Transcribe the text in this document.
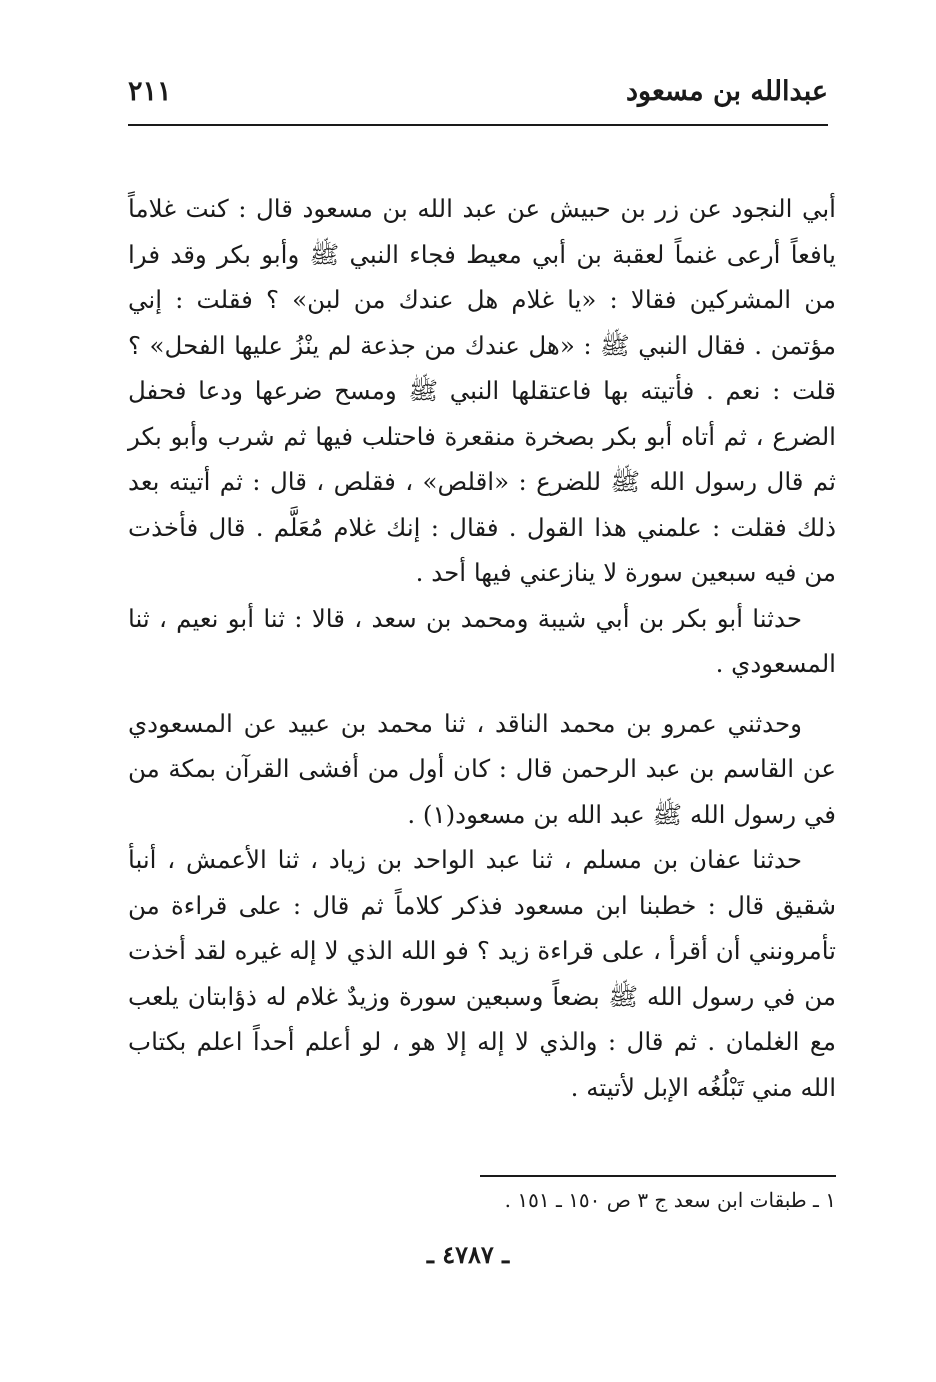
عبدالله بن مسعود
٢١١

أبي النجود عن زر بن حبيش عن عبد الله بن مسعود قال : كنت غلاماً يافعاً أرعى غنماً لعقبة بن أبي معيط فجاء النبي ﷺ وأبو بكر وقد فرا من المشركين فقالا : «يا غلام هل عندك من لبن» ؟ فقلت : إني مؤتمن . فقال النبي ﷺ : «هل عندك من جذعة لم ينْزُ عليها الفحل» ؟ قلت : نعم . فأتيته بها فاعتقلها النبي ﷺ ومسح ضرعها ودعا فحفل الضرع ، ثم أتاه أبو بكر بصخرة منقعرة فاحتلب فيها ثم شرب وأبو بكر ثم قال رسول الله ﷺ للضرع : «اقلص» ، فقلص ، قال : ثم أتيته بعد ذلك فقلت : علمني هذا القول . فقال : إنك غلام مُعَلَّم . قال فأخذت من فيه سبعين سورة لا ينازعني فيها أحد .

حدثنا أبو بكر بن أبي شيبة ومحمد بن سعد ، قالا : ثنا أبو نعيم ، ثنا المسعودي .

وحدثني عمرو بن محمد الناقد ، ثنا محمد بن عبيد عن المسعودي عن القاسم بن عبد الرحمن قال : كان أول من أفشى القرآن بمكة من في رسول الله ﷺ عبد الله بن مسعود(١) .

حدثنا عفان بن مسلم ، ثنا عبد الواحد بن زياد ، ثنا الأعمش ، أنبأ شقيق قال : خطبنا ابن مسعود فذكر كلاماً ثم قال : على قراءة من تأمرونني أن أقرأ ، على قراءة زيد ؟ فو الله الذي لا إله غيره لقد أخذت من في رسول الله ﷺ بضعاً وسبعين سورة وزيدٌ غلام له ذؤابتان يلعب مع الغلمان . ثم قال : والذي لا إله إلا هو ، لو أعلم أحداً اعلم بكتاب الله مني تَبْلُغُه الإبل لأتيته .

١ ـ طبقات ابن سعد ج ٣ ص ١٥٠ ـ ١٥١ .
ـ ٤٧٨٧ ـ
